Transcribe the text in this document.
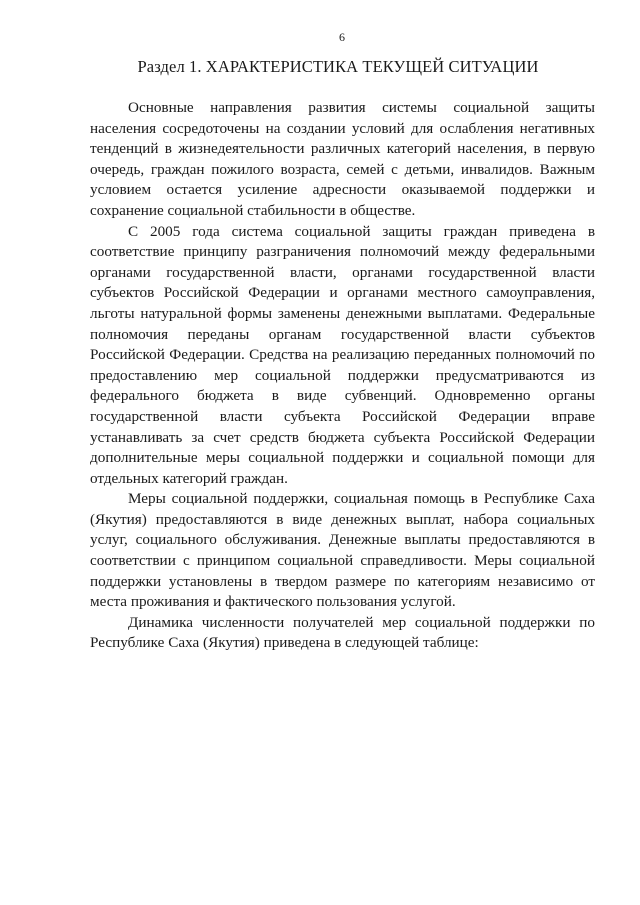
6
Раздел 1. ХАРАКТЕРИСТИКА ТЕКУЩЕЙ СИТУАЦИИ

Основные направления развития системы социальной защиты населения сосредоточены на создании условий для ослабления негативных тенденций в жизнедеятельности различных категорий населения, в первую очередь, граждан пожилого возраста, семей с детьми, инвалидов. Важным условием остается усиление адресности оказываемой поддержки и сохранение социальной стабильности в обществе.

С 2005 года система социальной защиты граждан приведена в соответствие принципу разграничения полномочий между федеральными органами государственной власти, органами государственной власти субъектов Российской Федерации и органами местного самоуправления, льготы натуральной формы заменены денежными выплатами. Федеральные полномочия переданы органам государственной власти субъектов Российской Федерации. Средства на реализацию переданных полномочий по предоставлению мер социальной поддержки предусматриваются из федерального бюджета в виде субвенций. Одновременно органы государственной власти субъекта Российской Федерации вправе устанавливать за счет средств бюджета субъекта Российской Федерации дополнительные меры социальной поддержки и социальной помощи для отдельных категорий граждан.

Меры социальной поддержки, социальная помощь в Республике Саха (Якутия) предоставляются в виде денежных выплат, набора социальных услуг, социального обслуживания. Денежные выплаты предоставляются в соответствии с принципом социальной справедливости. Меры социальной поддержки установлены в твердом размере по категориям независимо от места проживания и фактического пользования услугой.

Динамика численности получателей мер социальной поддержки по Республике Саха (Якутия) приведена в следующей таблице:
